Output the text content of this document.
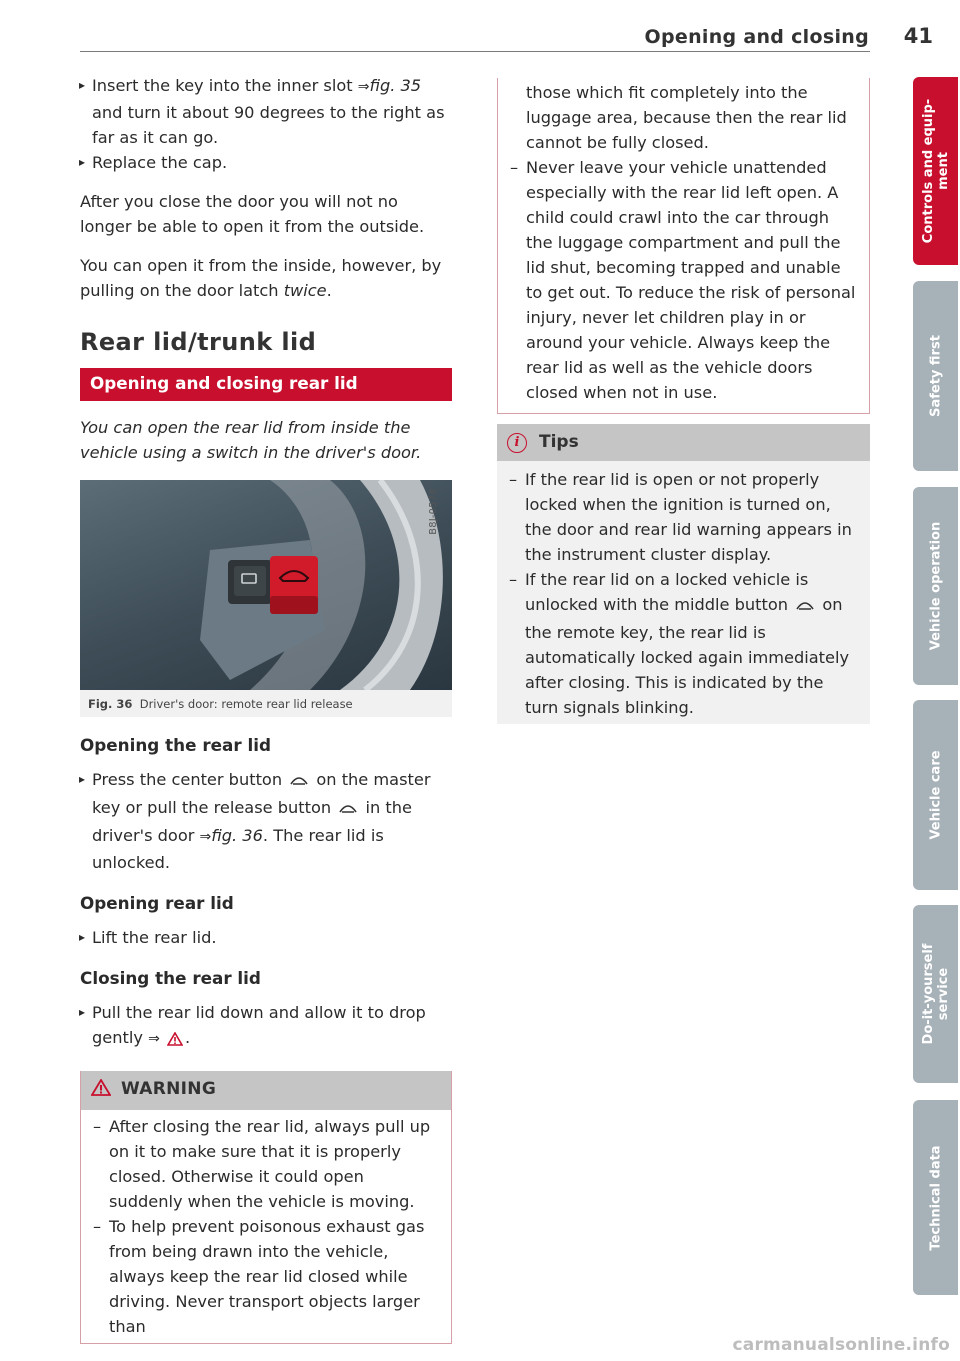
Opening and closing 41
Controls and equip-
ment
Safety first
Vehicle operation
Vehicle care
Do-it-yourself
service
Technical data

▸ Insert the key into the inner slot ⇒fig. 35 and turn it about 90 degrees to the right as far as it can go.

▸ Replace the cap.

After you close the door you will not no longer be able to open it from the outside.

You can open it from the inside, however, by pulling on the door latch twice.

Rear lid/trunk lid
Opening and closing rear lid

You can open the rear lid from inside the vehicle using a switch in the driver's door.

B8J-0578
Fig. 36 Driver's door: remote rear lid release
Opening the rear lid

▸ Press the center button on the master key or pull the release button in the driver's door ⇒fig. 36. The rear lid is unlocked.

Opening rear lid

▸ Lift the rear lid.

Closing the rear lid

▸ Pull the rear lid down and allow it to drop gently ⇒ .

WARNING

– After closing the rear lid, always pull up on it to make sure that it is properly closed. Otherwise it could open suddenly when the vehicle is moving.

– To help prevent poisonous exhaust gas from being drawn into the vehicle, always keep the rear lid closed while driving. Never transport objects larger than

those which fit completely into the luggage area, because then the rear lid cannot be fully closed.

– Never leave your vehicle unattended especially with the rear lid left open. A child could crawl into the car through the luggage compartment and pull the lid shut, becoming trapped and unable to get out. To reduce the risk of personal injury, never let children play in or around your vehicle. Always keep the rear lid as well as the vehicle doors closed when not in use.

i	Tips

– If the rear lid is open or not properly locked when the ignition is turned on, the door and rear lid warning appears in the instrument cluster display.

– If the rear lid on a locked vehicle is unlocked with the middle button on the remote key, the rear lid is automatically locked again immediately after closing. This is indicated by the turn signals blinking.

carmanualsonline.info
